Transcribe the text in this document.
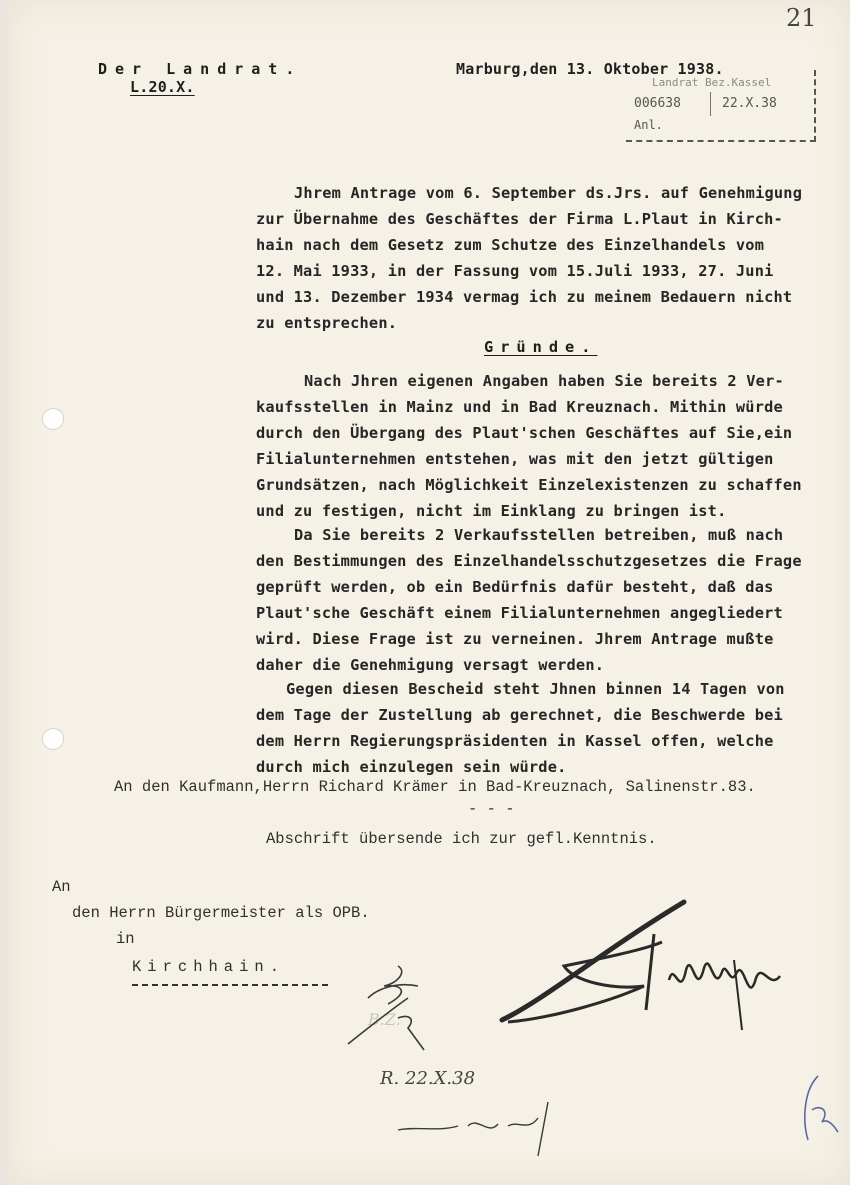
21
Der Landrat.
L.20.X.
Marburg,den 13. Oktober 1938.
Landrat Bez.Kassel
006638	22.X.38
Anl.
Jhrem Antrage vom 6. September ds.Jrs. auf Genehmigung
zur Übernahme des Geschäftes der Firma L.Plaut in Kirch-
hain nach dem Gesetz zum Schutze des Einzelhandels vom
12. Mai 1933, in der Fassung vom 15.Juli 1933, 27. Juni
und 13. Dezember 1934 vermag ich zu meinem Bedauern nicht
zu entsprechen.
Gründe.
Nach Jhren eigenen Angaben haben Sie bereits 2 Ver-
kaufsstellen in Mainz und in Bad Kreuznach. Mithin würde
durch den Übergang des Plaut'schen Geschäftes auf Sie,ein
Filialunternehmen entstehen, was mit den jetzt gültigen
Grundsätzen, nach Möglichkeit Einzelexistenzen zu schaffen
und zu festigen, nicht im Einklang zu bringen ist.
Da Sie bereits 2 Verkaufsstellen betreiben, muß nach
den Bestimmungen des Einzelhandelsschutzgesetzes die Frage
geprüft werden, ob ein Bedürfnis dafür besteht, daß das
Plaut'sche Geschäft einem Filialunternehmen angegliedert
wird. Diese Frage ist zu verneinen. Jhrem Antrage mußte
daher die Genehmigung versagt werden.
Gegen diesen Bescheid steht Jhnen binnen 14 Tagen von
dem Tage der Zustellung ab gerechnet, die Beschwerde bei
dem Herrn Regierungspräsidenten in Kassel offen, welche
durch mich einzulegen sein würde.
An den Kaufmann,Herrn Richard Krämer in Bad-Kreuznach, Salinenstr.83.
- - -
Abschrift übersende ich zur gefl.Kenntnis.
An
den Herrn Bürgermeister als OPB.
in
Kirchhain.
B.Z.
R. 22.X.38
